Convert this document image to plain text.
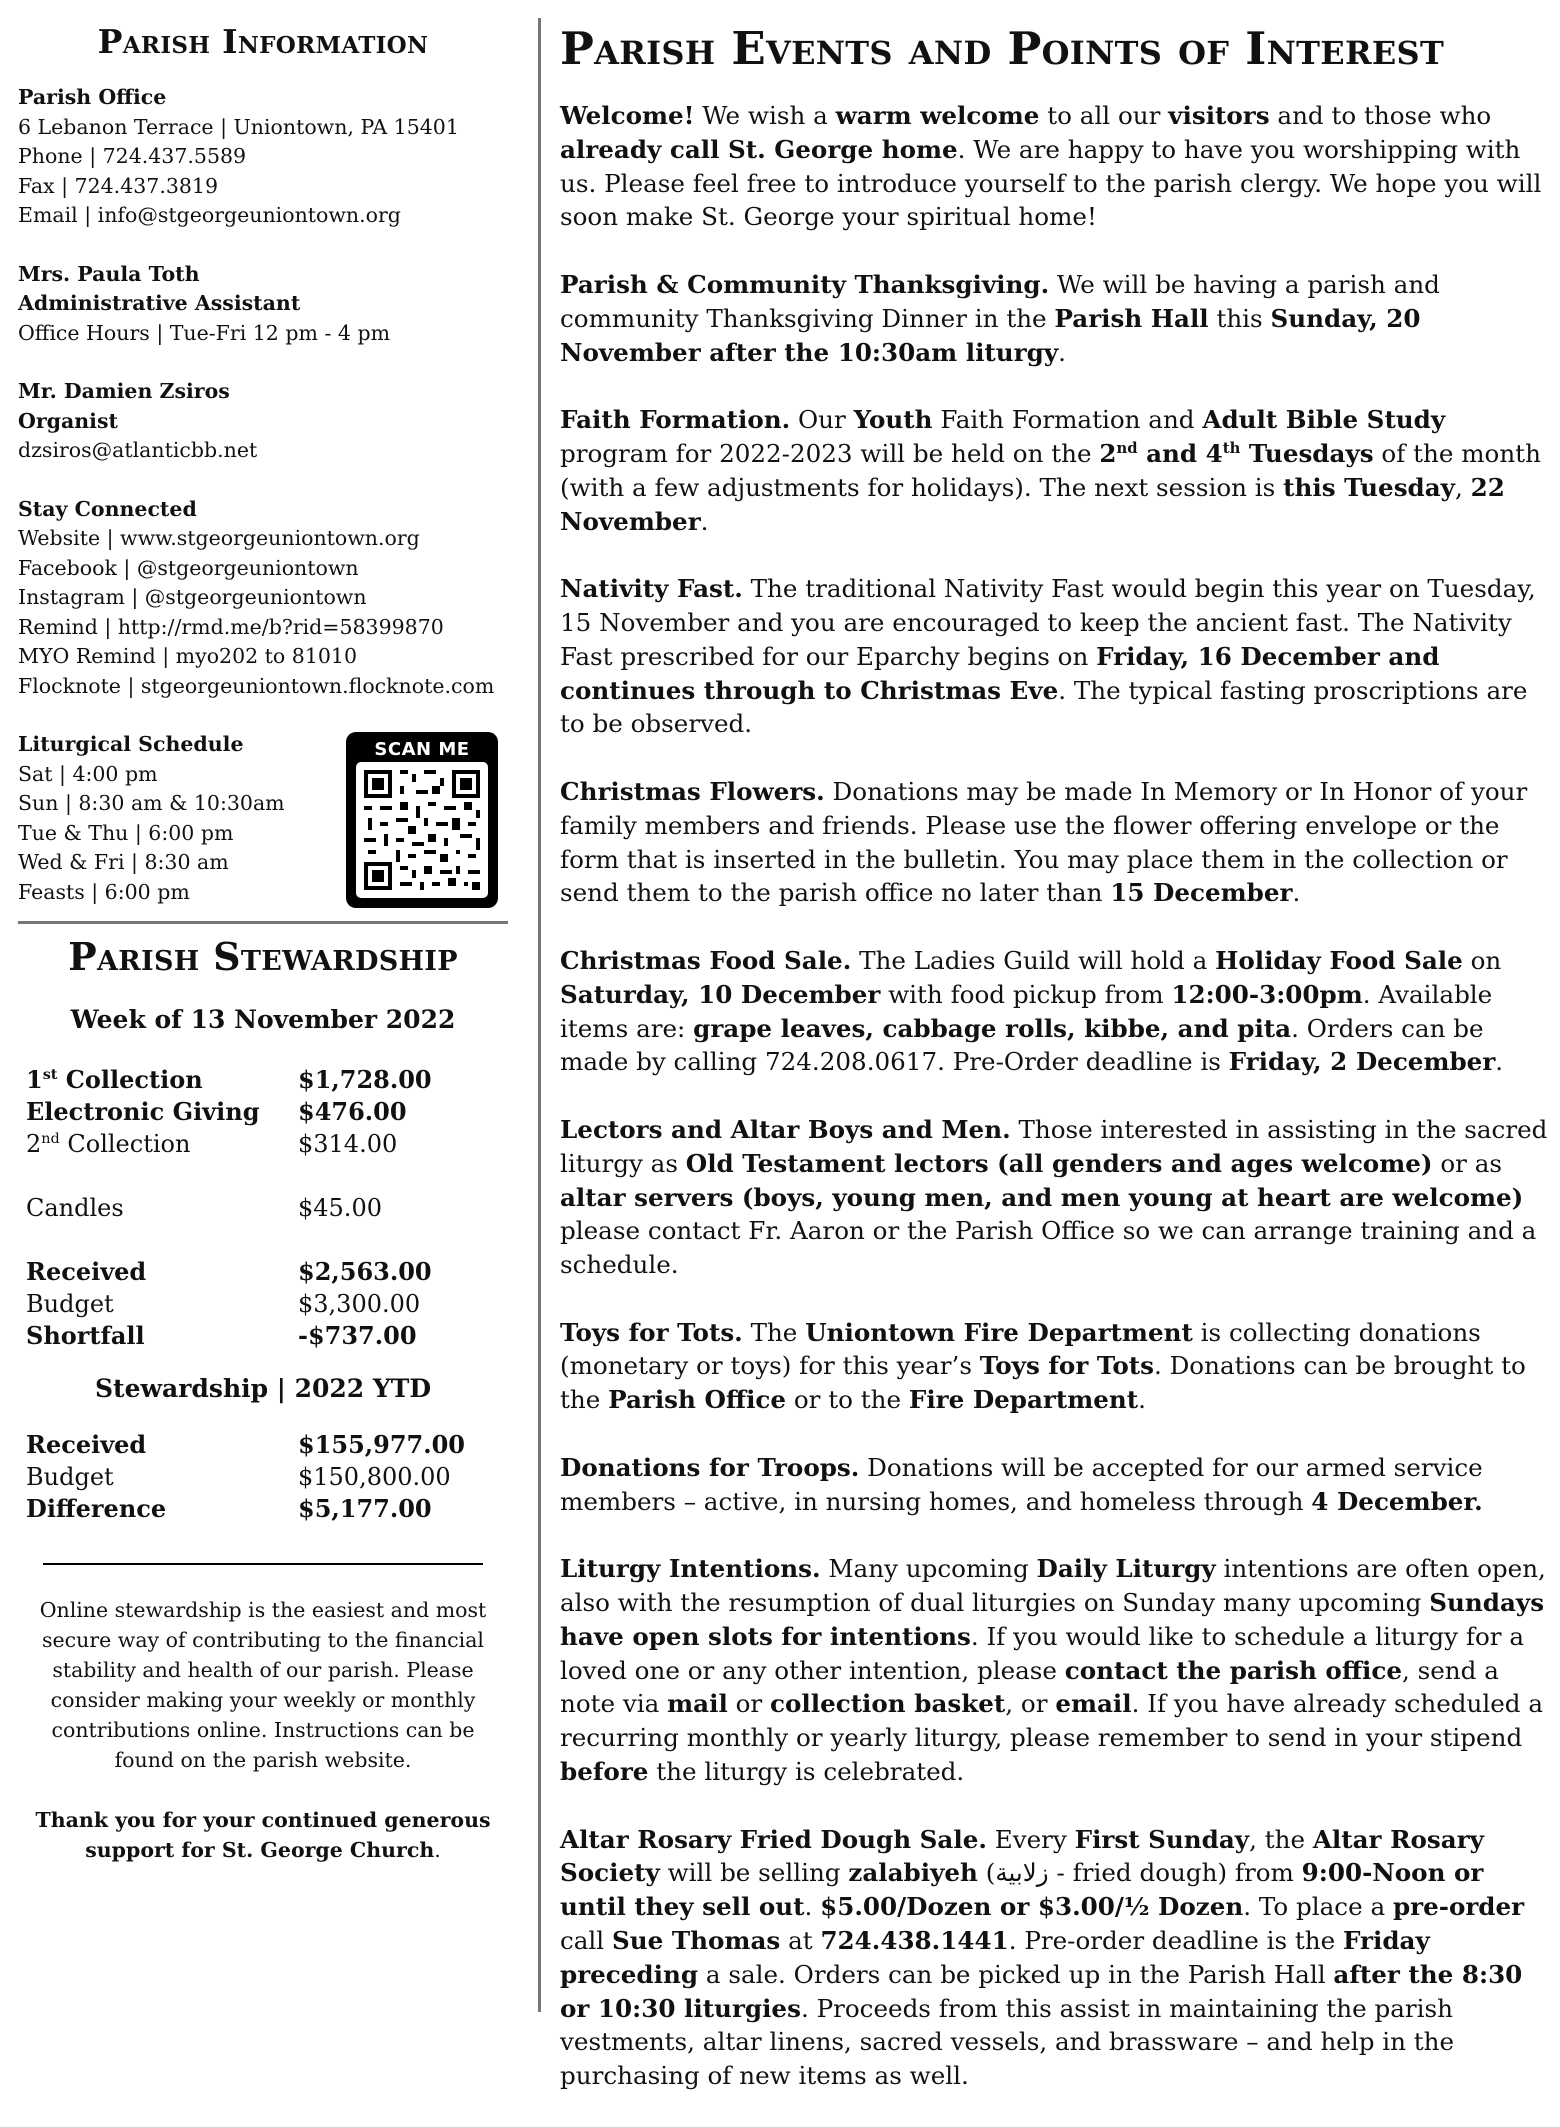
Parish Information
Parish Office
6 Lebanon Terrace | Uniontown, PA 15401
Phone | 724.437.5589
Fax | 724.437.3819
Email | info@stgeorgeuniontown.org
Mrs. Paula Toth
Administrative Assistant
Office Hours | Tue-Fri 12 pm - 4 pm
Mr. Damien Zsiros
Organist
dzsiros@atlanticbb.net
Stay Connected
Website | www.stgeorgeuniontown.org
Facebook | @stgeorgeuniontown
Instagram | @stgeorgeuniontown
Remind | http://rmd.me/b?rid=58399870
MYO Remind | myo202 to 81010
Flocknote | stgeorgeuniontown.flocknote.com
Liturgical Schedule
Sat | 4:00 pm
Sun | 8:30 am & 10:30am
Tue & Thu | 6:00 pm
Wed & Fri | 8:30 am
Feasts | 6:00 pm
SCAN ME
Parish Stewardship
Week of 13 November 2022
1st Collection	$1,728.00
Electronic Giving	$476.00
2nd Collection	$314.00

Candles	$45.00

Received	$2,563.00
Budget	$3,300.00
Shortfall	-$737.00
Stewardship | 2022 YTD
Received	$155,977.00
Budget	$150,800.00
Difference	$5,177.00
Online stewardship is the easiest and most secure way of contributing to the financial stability and health of our parish. Please consider making your weekly or monthly contributions online. Instructions can be found on the parish website.
Thank you for your continued generous support for St. George Church.
Parish Events and Points of Interest
Welcome! We wish a warm welcome to all our visitors and to those who already call St. George home. We are happy to have you worshipping with us. Please feel free to introduce yourself to the parish clergy. We hope you will soon make St. George your spiritual home!
Parish & Community Thanksgiving. We will be having a parish and community Thanksgiving Dinner in the Parish Hall this Sunday, 20 November after the 10:30am liturgy.
Faith Formation. Our Youth Faith Formation and Adult Bible Study program for 2022-2023 will be held on the 2nd and 4th Tuesdays of the month (with a few adjustments for holidays). The next session is this Tuesday, 22 November.
Nativity Fast. The traditional Nativity Fast would begin this year on Tuesday, 15 November and you are encouraged to keep the ancient fast. The Nativity Fast prescribed for our Eparchy begins on Friday, 16 December and continues through to Christmas Eve. The typical fasting proscriptions are to be observed.
Christmas Flowers. Donations may be made In Memory or In Honor of your family members and friends. Please use the flower offering envelope or the form that is inserted in the bulletin. You may place them in the collection or send them to the parish office no later than 15 December.
Christmas Food Sale. The Ladies Guild will hold a Holiday Food Sale on Saturday, 10 December with food pickup from 12:00-3:00pm. Available items are: grape leaves, cabbage rolls, kibbe, and pita. Orders can be made by calling 724.208.0617. Pre-Order deadline is Friday, 2 December.
Lectors and Altar Boys and Men. Those interested in assisting in the sacred liturgy as Old Testament lectors (all genders and ages welcome) or as altar servers (boys, young men, and men young at heart are welcome) please contact Fr. Aaron or the Parish Office so we can arrange training and a schedule.
Toys for Tots. The Uniontown Fire Department is collecting donations (monetary or toys) for this year’s Toys for Tots. Donations can be brought to the Parish Office or to the Fire Department.
Donations for Troops. Donations will be accepted for our armed service members – active, in nursing homes, and homeless through 4 December.
Liturgy Intentions. Many upcoming Daily Liturgy intentions are often open, also with the resumption of dual liturgies on Sunday many upcoming Sundays have open slots for intentions. If you would like to schedule a liturgy for a loved one or any other intention, please contact the parish office, send a note via mail or collection basket, or email. If you have already scheduled a recurring monthly or yearly liturgy, please remember to send in your stipend before the liturgy is celebrated.
Altar Rosary Fried Dough Sale. Every First Sunday, the Altar Rosary Society will be selling zalabiyeh (زلابية - fried dough) from 9:00-Noon or until they sell out. $5.00/Dozen or $3.00/½ Dozen. To place a pre-order call Sue Thomas at 724.438.1441. Pre-order deadline is the Friday preceding a sale. Orders can be picked up in the Parish Hall after the 8:30 or 10:30 liturgies. Proceeds from this assist in maintaining the parish vestments, altar linens, sacred vessels, and brassware – and help in the purchasing of new items as well.
